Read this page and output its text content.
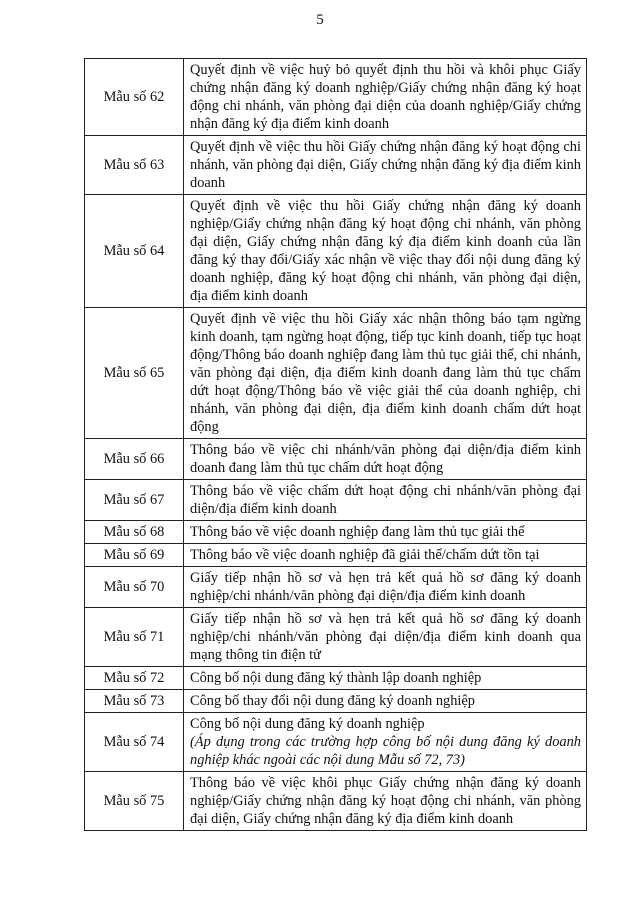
5
Mẫu số 62	Quyết định về việc huỷ bỏ quyết định thu hồi và khôi phục Giấy chứng nhận đăng ký doanh nghiệp/Giấy chứng nhận đăng ký hoạt động chi nhánh, văn phòng đại diện của doanh nghiệp/Giấy chứng nhận đăng ký địa điểm kinh doanh
Mẫu số 63	Quyết định về việc thu hồi Giấy chứng nhận đăng ký hoạt động chi nhánh, văn phòng đại diện, Giấy chứng nhận đăng ký địa điểm kinh doanh
Mẫu số 64	Quyết định về việc thu hồi Giấy chứng nhận đăng ký doanh nghiệp/Giấy chứng nhận đăng ký hoạt động chi nhánh, văn phòng đại diện, Giấy chứng nhận đăng ký địa điểm kinh doanh của lần đăng ký thay đổi/Giấy xác nhận về việc thay đổi nội dung đăng ký doanh nghiệp, đăng ký hoạt động chi nhánh, văn phòng đại diện, địa điểm kinh doanh
Mẫu số 65	Quyết định về việc thu hồi Giấy xác nhận thông báo tạm ngừng kinh doanh, tạm ngừng hoạt động, tiếp tục kinh doanh, tiếp tục hoạt động/Thông báo doanh nghiệp đang làm thủ tục giải thể, chi nhánh, văn phòng đại diện, địa điểm kinh doanh đang làm thủ tục chấm dứt hoạt động/Thông báo về việc giải thể của doanh nghiệp, chi nhánh, văn phòng đại diện, địa điểm kinh doanh chấm dứt hoạt động
Mẫu số 66	Thông báo về việc chi nhánh/văn phòng đại diện/địa điểm kinh doanh đang làm thủ tục chấm dứt hoạt động
Mẫu số 67	Thông báo về việc chấm dứt hoạt động chi nhánh/văn phòng đại diện/địa điểm kinh doanh
Mẫu số 68	Thông báo về việc doanh nghiệp đang làm thủ tục giải thể
Mẫu số 69	Thông báo về việc doanh nghiệp đã giải thể/chấm dứt tồn tại
Mẫu số 70	Giấy tiếp nhận hồ sơ và hẹn trả kết quả hồ sơ đăng ký doanh nghiệp/chi nhánh/văn phòng đại diện/địa điểm kinh doanh
Mẫu số 71	Giấy tiếp nhận hồ sơ và hẹn trả kết quả hồ sơ đăng ký doanh nghiệp/chi nhánh/văn phòng đại diện/địa điểm kinh doanh qua mạng thông tin điện tử
Mẫu số 72	Công bố nội dung đăng ký thành lập doanh nghiệp
Mẫu số 73	Công bố thay đổi nội dung đăng ký doanh nghiệp
Mẫu số 74	Công bố nội dung đăng ký doanh nghiệp
(Áp dụng trong các trường hợp công bố nội dung đăng ký doanh nghiệp khác ngoài các nội dung Mẫu số 72, 73)

Mẫu số 75	Thông báo về việc khôi phục Giấy chứng nhận đăng ký doanh nghiệp/Giấy chứng nhận đăng ký hoạt động chi nhánh, văn phòng đại diện, Giấy chứng nhận đăng ký địa điểm kinh doanh
